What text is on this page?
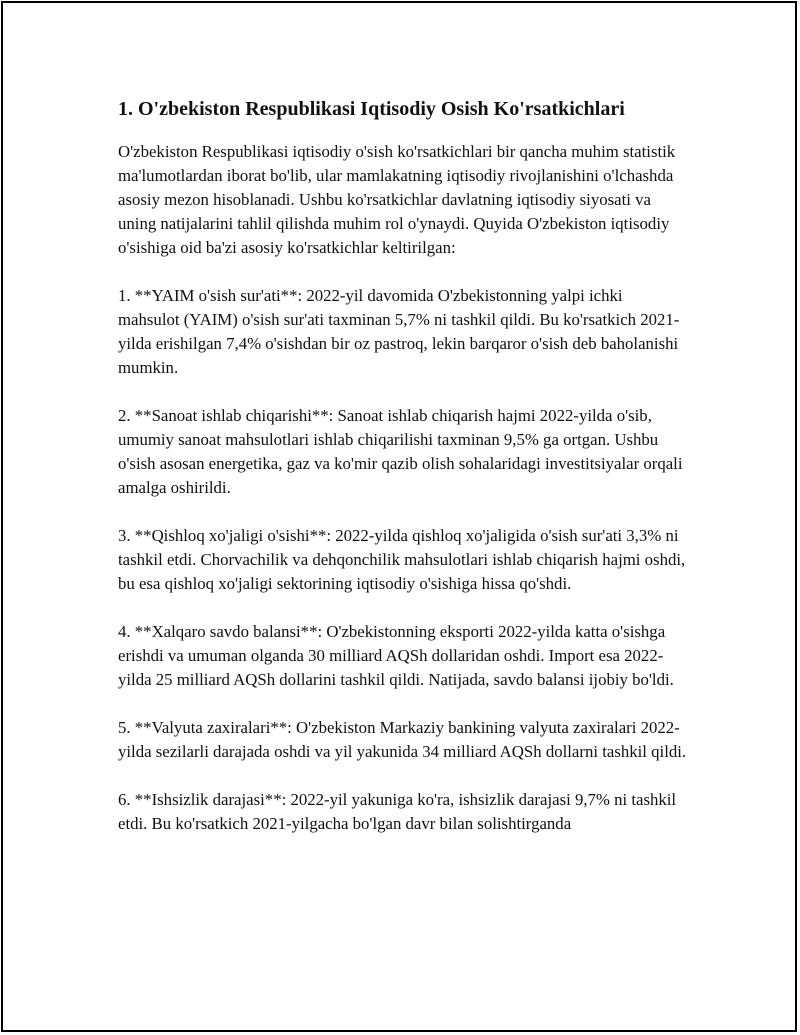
1. O'zbekiston Respublikasi Iqtisodiy Osish Ko'rsatkichlari

O'zbekiston Respublikasi iqtisodiy o'sish ko'rsatkichlari bir qancha muhim statistik ma'lumotlardan iborat bo'lib, ular mamlakatning iqtisodiy rivojlanishini o'lchashda asosiy mezon hisoblanadi. Ushbu ko'rsatkichlar davlatning iqtisodiy siyosati va uning natijalarini tahlil qilishda muhim rol o'ynaydi. Quyida O'zbekiston iqtisodiy o'sishiga oid ba'zi asosiy ko'rsatkichlar keltirilgan:

1. **YAIM o'sish sur'ati**: 2022-yil davomida O'zbekistonning yalpi ichki mahsulot (YAIM) o'sish sur'ati taxminan 5,7% ni tashkil qildi. Bu ko'rsatkich 2021-yilda erishilgan 7,4% o'sishdan bir oz pastroq, lekin barqaror o'sish deb baholanishi mumkin.

2. **Sanoat ishlab chiqarishi**: Sanoat ishlab chiqarish hajmi 2022-yilda o'sib, umumiy sanoat mahsulotlari ishlab chiqarilishi taxminan 9,5% ga ortgan. Ushbu o'sish asosan energetika, gaz va ko'mir qazib olish sohalaridagi investitsiyalar orqali amalga oshirildi.

3. **Qishloq xo'jaligi o'sishi**: 2022-yilda qishloq xo'jaligida o'sish sur'ati 3,3% ni tashkil etdi. Chorvachilik va dehqonchilik mahsulotlari ishlab chiqarish hajmi oshdi, bu esa qishloq xo'jaligi sektorining iqtisodiy o'sishiga hissa qo'shdi.

4. **Xalqaro savdo balansi**: O'zbekistonning eksporti 2022-yilda katta o'sishga erishdi va umuman olganda 30 milliard AQSh dollaridan oshdi. Import esa 2022-yilda 25 milliard AQSh dollarini tashkil qildi. Natijada, savdo balansi ijobiy bo'ldi.

5. **Valyuta zaxiralari**: O'zbekiston Markaziy bankining valyuta zaxiralari 2022-yilda sezilarli darajada oshdi va yil yakunida 34 milliard AQSh dollarni tashkil qildi.

6. **Ishsizlik darajasi**: 2022-yil yakuniga ko'ra, ishsizlik darajasi 9,7% ni tashkil etdi. Bu ko'rsatkich 2021-yilgacha bo'lgan davr bilan solishtirganda
